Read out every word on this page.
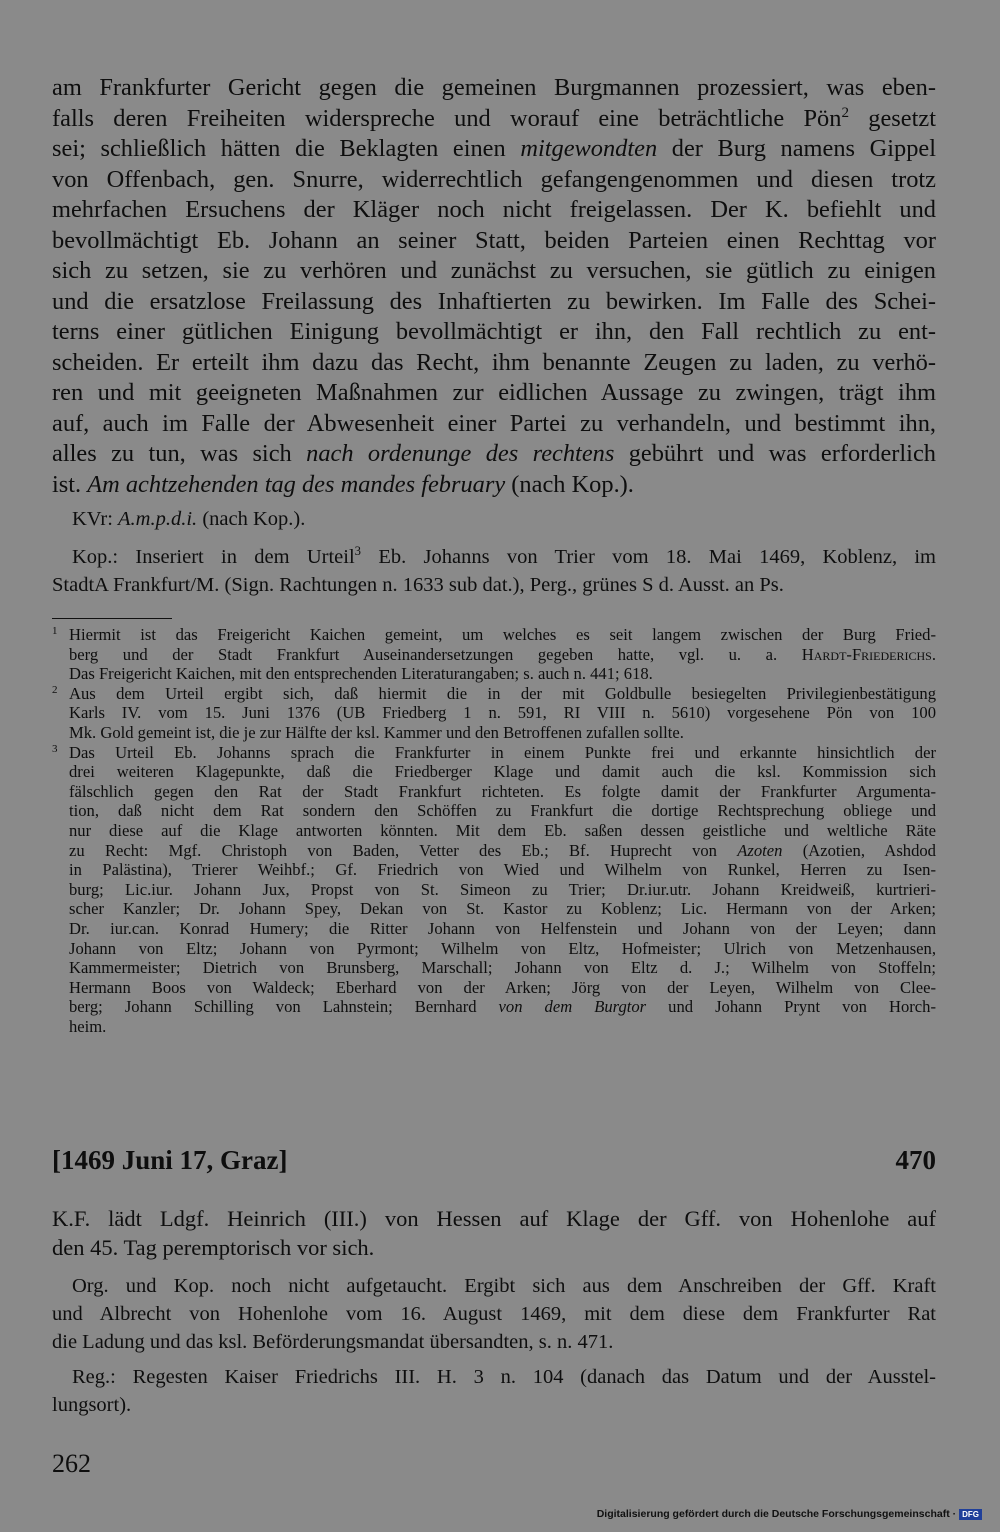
am Frankfurter Gericht gegen die gemeinen Burgmannen prozessiert, was eben-
falls deren Freiheiten widerspreche und worauf eine beträchtliche Pön$^2$ gesetzt
sei; schließlich hätten die Beklagten einen mitgewondten der Burg namens Gippel
von Offenbach, gen. Snurre, widerrechtlich gefangengenommen und diesen trotz
mehrfachen Ersuchens der Kläger noch nicht freigelassen. Der K. befiehlt und
bevollmächtigt Eb. Johann an seiner Statt, beiden Parteien einen Rechttag vor
sich zu setzen, sie zu verhören und zunächst zu versuchen, sie gütlich zu einigen
und die ersatzlose Freilassung des Inhaftierten zu bewirken. Im Falle des Schei-
terns einer gütlichen Einigung bevollmächtigt er ihn, den Fall rechtlich zu ent-
scheiden. Er erteilt ihm dazu das Recht, ihm benannte Zeugen zu laden, zu verhö-
ren und mit geeigneten Maßnahmen zur eidlichen Aussage zu zwingen, trägt ihm
auf, auch im Falle der Abwesenheit einer Partei zu verhandeln, und bestimmt ihn,
alles zu tun, was sich nach ordenunge des rechtens gebührt und was erforderlich
ist. Am achtzehenden tag des mandes february (nach Kop.).

KVr: A.m.p.d.i. (nach Kop.).

Kop.: Inseriert in dem Urteil$^3$ Eb. Johanns von Trier vom 18. Mai 1469, Koblenz, im
StadtA Frankfurt/M. (Sign. Rachtungen n. 1633 sub dat.), Perg., grünes S d. Ausst. an Ps.
1 Hiermit ist das Freigericht Kaichen gemeint, um welches es seit langem zwischen der Burg Fried-
berg und der Stadt Frankfurt Auseinandersetzungen gegeben hatte, vgl. u. a. Hardt-Friederichs.
Das Freigericht Kaichen, mit den entsprechenden Literaturangaben; s. auch n. 441; 618.
2 Aus dem Urteil ergibt sich, daß hiermit die in der mit Goldbulle besiegelten Privilegienbestätigung
Karls IV. vom 15. Juni 1376 (UB Friedberg 1 n. 591, RI VIII n. 5610) vorgesehene Pön von 100
Mk. Gold gemeint ist, die je zur Hälfte der ksl. Kammer und den Betroffenen zufallen sollte.
3 Das Urteil Eb. Johanns sprach die Frankfurter in einem Punkte frei und erkannte hinsichtlich der
drei weiteren Klagepunkte, daß die Friedberger Klage und damit auch die ksl. Kommission sich
fälschlich gegen den Rat der Stadt Frankfurt richteten. Es folgte damit der Frankfurter Argumenta-
tion, daß nicht dem Rat sondern den Schöffen zu Frankfurt die dortige Rechtsprechung obliege und
nur diese auf die Klage antworten könnten. Mit dem Eb. saßen dessen geistliche und weltliche Räte
zu Recht: Mgf. Christoph von Baden, Vetter des Eb.; Bf. Huprecht von Azoten (Azotien, Ashdod
in Palästina), Trierer Weihbf.; Gf. Friedrich von Wied und Wilhelm von Runkel, Herren zu Isen-
burg; Lic.iur. Johann Jux, Propst von St. Simeon zu Trier; Dr.iur.utr. Johann Kreidweiß, kurtrieri-
scher Kanzler; Dr. Johann Spey, Dekan von St. Kastor zu Koblenz; Lic. Hermann von der Arken;
Dr. iur.can. Konrad Humery; die Ritter Johann von Helfenstein und Johann von der Leyen; dann
Johann von Eltz; Johann von Pyrmont; Wilhelm von Eltz, Hofmeister; Ulrich von Metzenhausen,
Kammermeister; Dietrich von Brunsberg, Marschall; Johann von Eltz d. J.; Wilhelm von Stoffeln;
Hermann Boos von Waldeck; Eberhard von der Arken; Jörg von der Leyen, Wilhelm von Clee-
berg; Johann Schilling von Lahnstein; Bernhard von dem Burgtor und Johann Prynt von Horch-
heim.
[1469 Juni 17, Graz]	470
K.F. lädt Ldgf. Heinrich (III.) von Hessen auf Klage der Gff. von Hohenlohe auf
den 45. Tag peremptorisch vor sich.
Org. und Kop. noch nicht aufgetaucht. Ergibt sich aus dem Anschreiben der Gff. Kraft
und Albrecht von Hohenlohe vom 16. August 1469, mit dem diese dem Frankfurter Rat
die Ladung und das ksl. Beförderungsmandat übersandten, s. n. 471.
Reg.: Regesten Kaiser Friedrichs III. H. 3 n. 104 (danach das Datum und der Ausstel-
lungsort).

262

Digitalisierung gefördert durch die Deutsche Forschungsgemeinschaft · DFG
